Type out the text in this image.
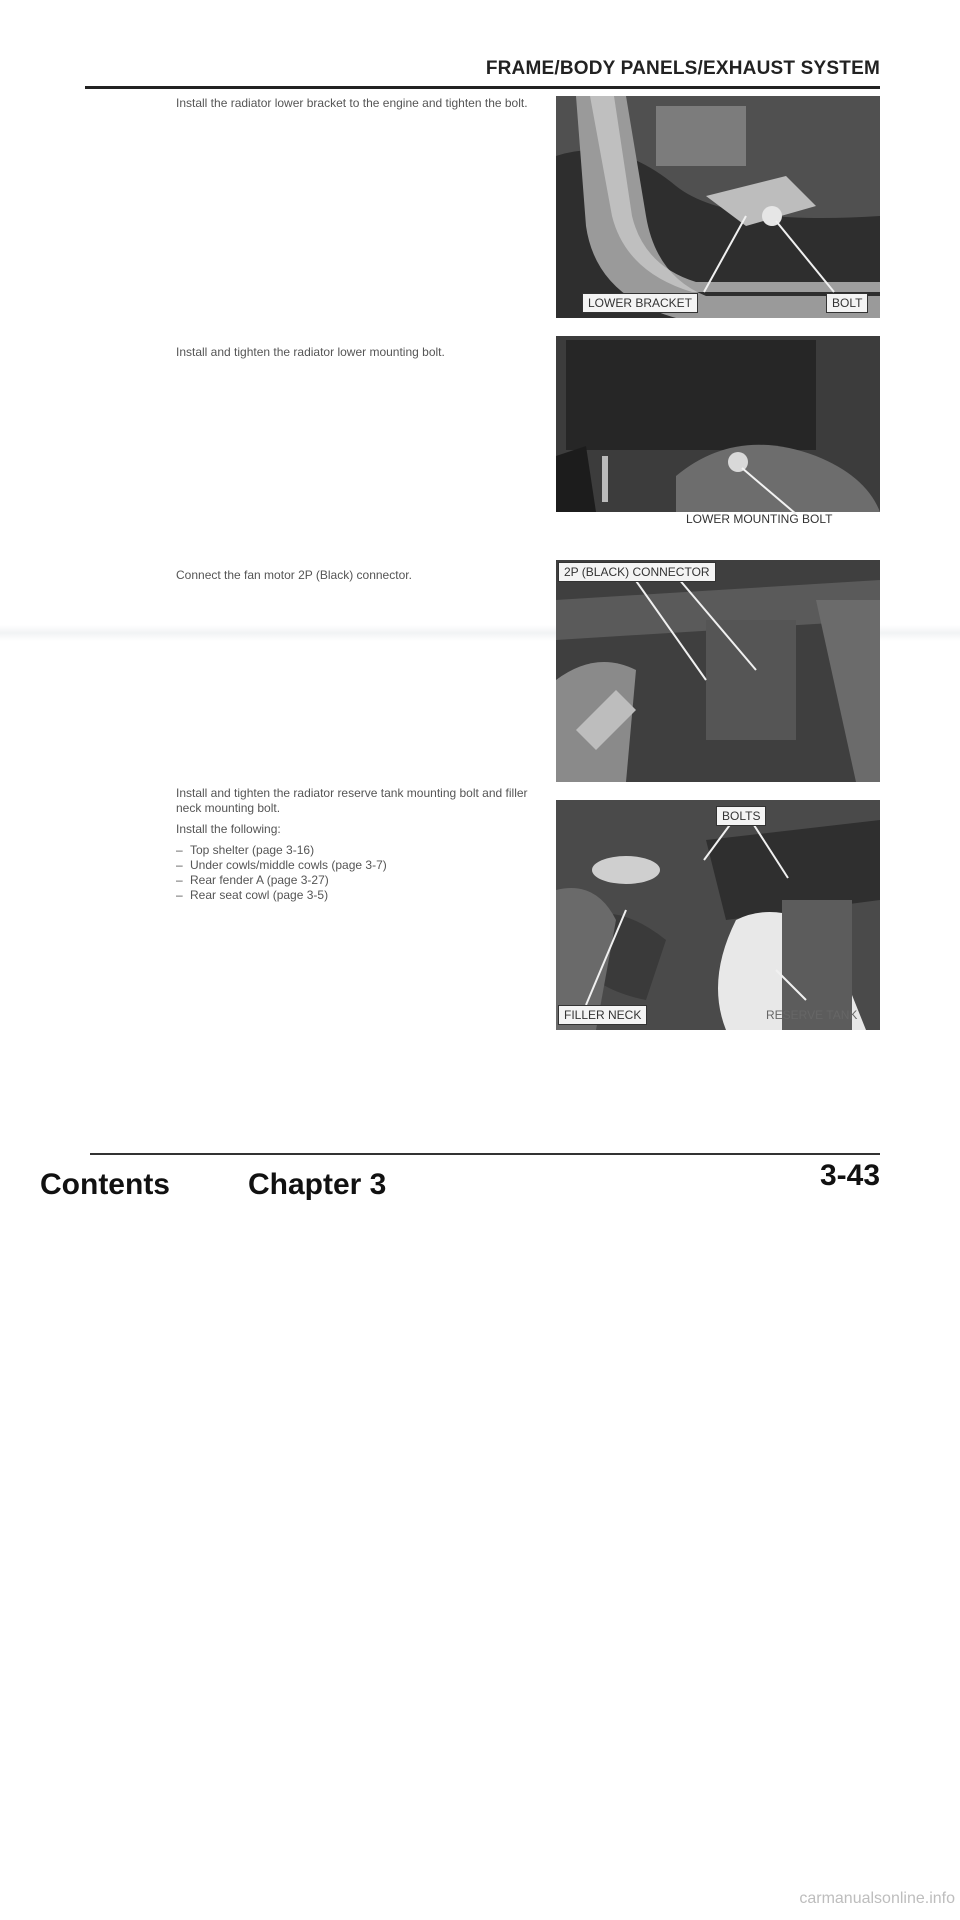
FRAME/BODY PANELS/EXHAUST SYSTEM

Install the radiator lower bracket to the engine and tighten the bolt.

LOWER BRACKET	BOLT

Install and tighten the radiator lower mounting bolt.

LOWER MOUNTING BOLT

Connect the fan motor 2P (Black) connector.	2P (BLACK) CONNECTOR

Install and tighten the radiator reserve tank mounting bolt and filler neck mounting bolt.

Install the following:

– Top shelter (page 3-16)
– Under cowls/middle cowls (page 3-7)
– Rear fender A (page 3-27)
– Rear seat cowl (page 3-5)
BOLTS
FILLER NECK	RESERVE TANK
Contents	Chapter 3	3-43
carmanualsonline.info
